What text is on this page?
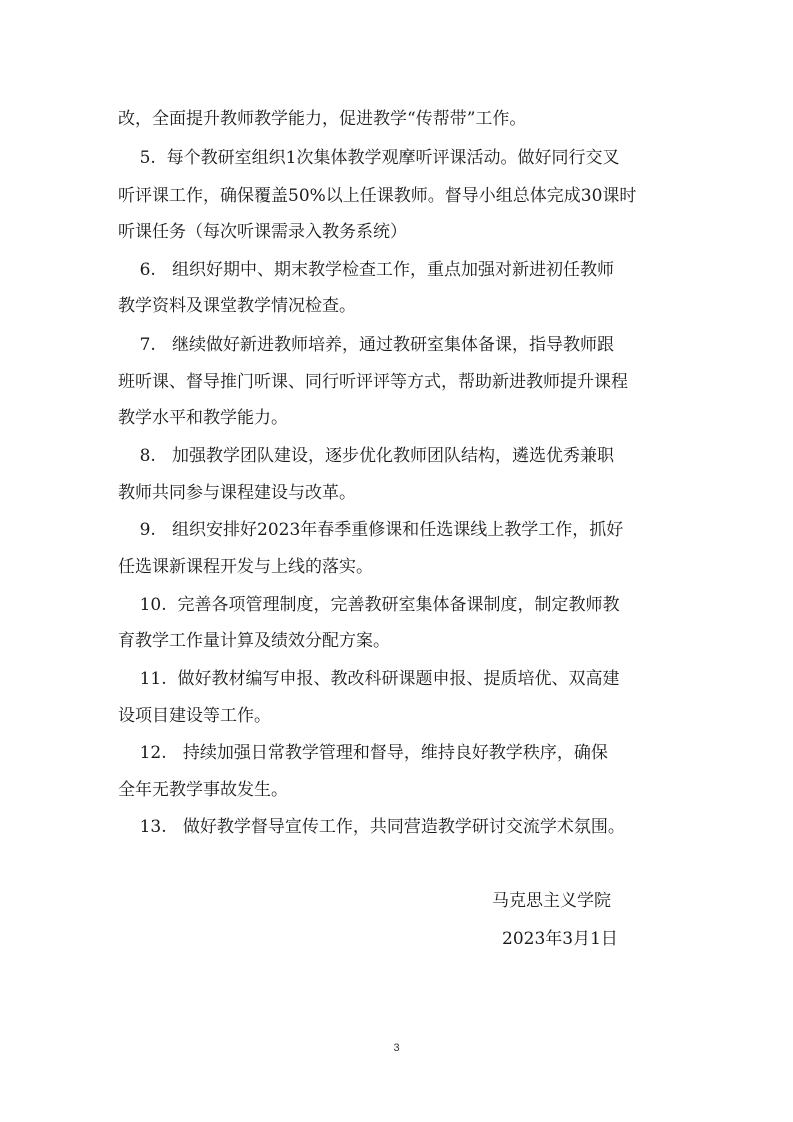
改，全面提升教师教学能力，促进教学“传帮带”工作。
5.  每个教研室组织1次集体教学观摩听评课活动。做好同行交叉
听评课工作，确保覆盖50%以上任课教师。督导小组总体完成30课时
听课任务（每次听课需录入教务系统）
6.   组织好期中、期末教学检查工作，重点加强对新进初任教师
教学资料及课堂教学情况检查。
7.   继续做好新进教师培养，通过教研室集体备课，指导教师跟
班听课、督导推门听课、同行听评评等方式，帮助新进教师提升课程
教学水平和教学能力。
8.   加强教学团队建设，逐步优化教师团队结构，遴选优秀兼职
教师共同参与课程建设与改革。
9.   组织安排好2023年春季重修课和任选课线上教学工作，抓好
任选课新课程开发与上线的落实。
10.  完善各项管理制度，完善教研室集体备课制度，制定教师教
育教学工作量计算及绩效分配方案。
11.  做好教材编写申报、教改科研课题申报、提质培优、双高建
设项目建设等工作。
12.   持续加强日常教学管理和督导，维持良好教学秩序，确保
全年无教学事故发生。
13.   做好教学督导宣传工作，共同营造教学研讨交流学术氛围。
马克思主义学院
2023年3月1日
3
